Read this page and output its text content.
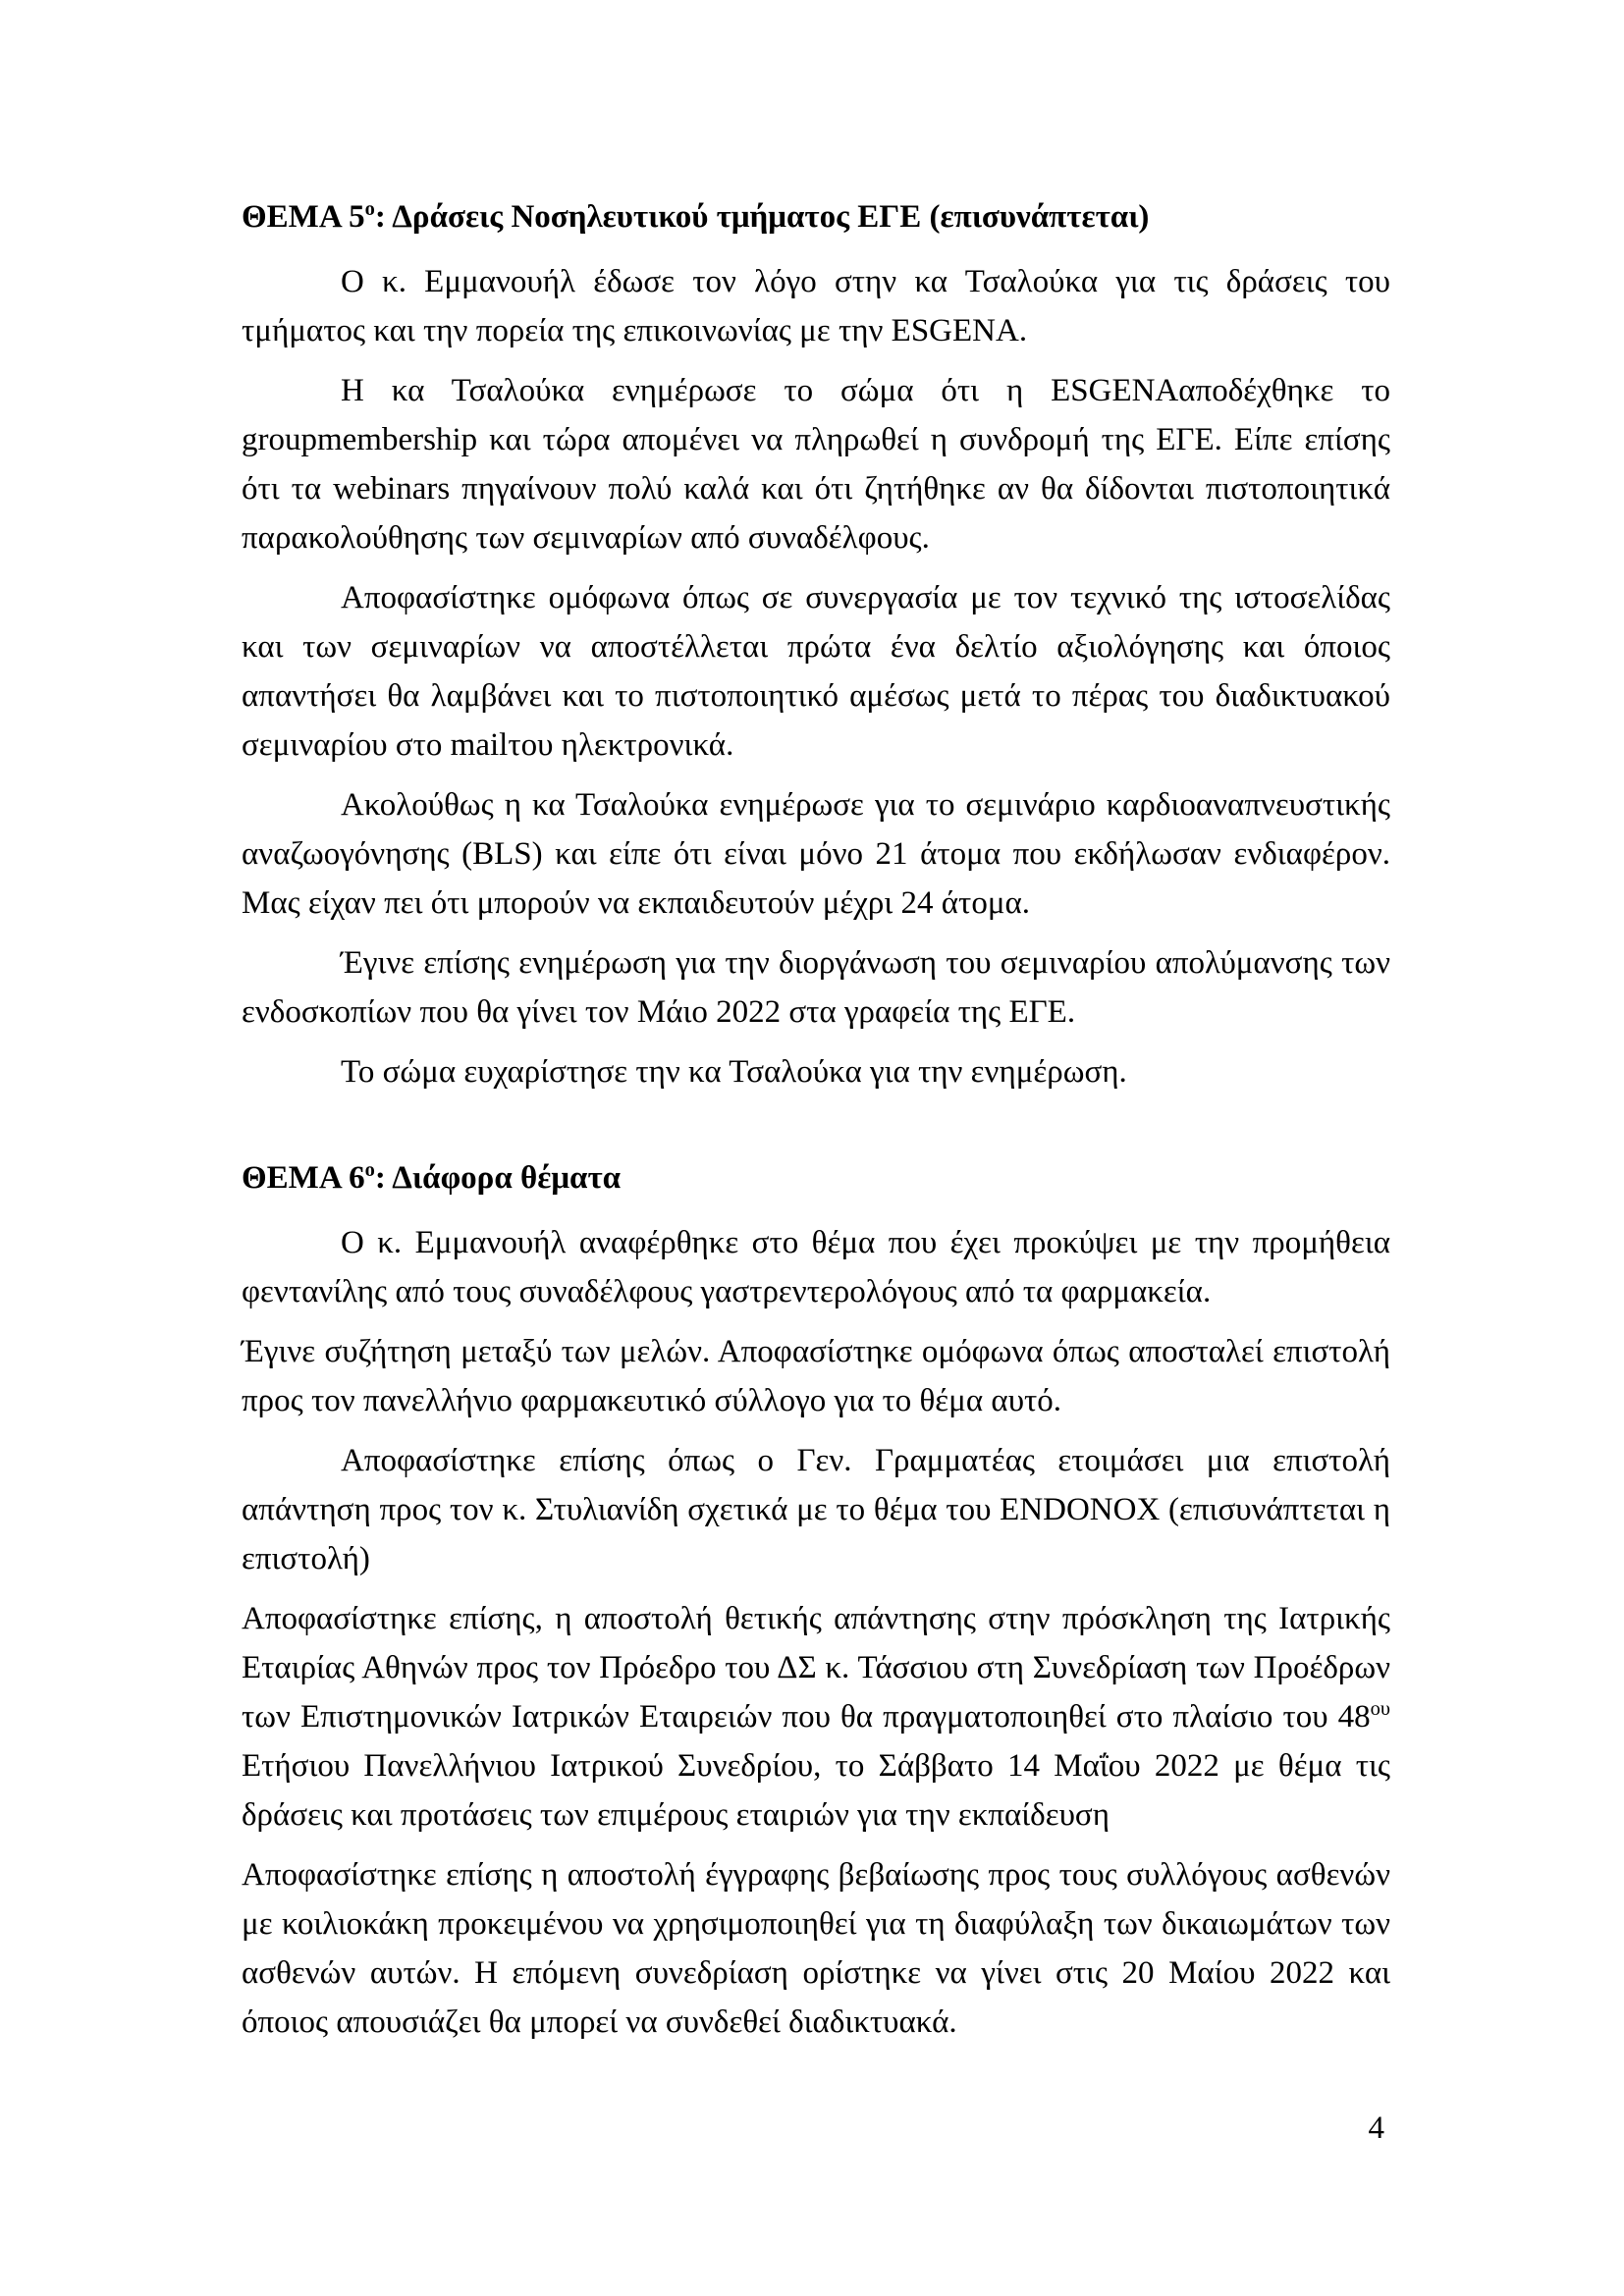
ΘΕΜΑ $5^o$: Δράσεις Νοσηλευτικού τμήματος ΕΓΕ (επισυνάπτεται)

Ο κ. Εμμανουήλ έδωσε τον λόγο στην κα Τσαλούκα για τις δράσεις του τμήματος και την πορεία της επικοινωνίας με την ESGENA.

Η κα Τσαλούκα ενημέρωσε το σώμα ότι η ESGENAαποδέχθηκε το groupmembership και τώρα απομένει να πληρωθεί η συνδρομή της ΕΓΕ. Είπε επίσης ότι τα webinars πηγαίνουν πολύ καλά και ότι ζητήθηκε αν θα δίδονται πιστοποιητικά παρακολούθησης των σεμιναρίων από συναδέλφους.

Αποφασίστηκε ομόφωνα όπως σε συνεργασία με τον τεχνικό της ιστοσελίδας και των σεμιναρίων να αποστέλλεται πρώτα ένα δελτίο αξιολόγησης και όποιος απαντήσει θα λαμβάνει και το πιστοποιητικό αμέσως μετά το πέρας του διαδικτυακού σεμιναρίου στο mailτου ηλεκτρονικά.

Ακολούθως η κα Τσαλούκα ενημέρωσε για το σεμινάριο καρδιοαναπνευστικής αναζωογόνησης (BLS) και είπε ότι είναι μόνο 21 άτομα που εκδήλωσαν ενδιαφέρον. Μας είχαν πει ότι μπορούν να εκπαιδευτούν μέχρι 24 άτομα.

Έγινε επίσης ενημέρωση για την διοργάνωση του σεμιναρίου απολύμανσης των ενδοσκοπίων που θα γίνει τον Μάιο 2022 στα γραφεία της ΕΓΕ.

Το σώμα ευχαρίστησε την κα Τσαλούκα για την ενημέρωση.

ΘΕΜΑ $6^o$: Διάφορα θέματα

Ο κ. Εμμανουήλ αναφέρθηκε στο θέμα που έχει προκύψει με την προμήθεια φεντανίλης από τους συναδέλφους γαστρεντερολόγους από τα φαρμακεία.

Έγινε συζήτηση μεταξύ των μελών. Αποφασίστηκε ομόφωνα όπως αποσταλεί επιστολή προς τον πανελλήνιο φαρμακευτικό σύλλογο για το θέμα αυτό.

Αποφασίστηκε επίσης όπως ο Γεν. Γραμματέας ετοιμάσει μια επιστολή απάντηση προς τον κ. Στυλιανίδη σχετικά με το θέμα του ENDONOX (επισυνάπτεται η επιστολή)

Αποφασίστηκε επίσης, η αποστολή θετικής απάντησης στην πρόσκληση της Ιατρικής Εταιρίας Αθηνών προς τον Πρόεδρο του ΔΣ κ. Τάσσιου στη Συνεδρίαση των Προέδρων των Επιστημονικών Ιατρικών Εταιρειών που θα πραγματοποιηθεί στο πλαίσιο του $48^{o\upsilon}$ Ετήσιου Πανελλήνιου Ιατρικού Συνεδρίου, το Σάββατο 14 Μαΐου 2022 με θέμα τις δράσεις και προτάσεις των επιμέρους εταιριών για την εκπαίδευση

Αποφασίστηκε επίσης η αποστολή έγγραφης βεβαίωσης προς τους συλλόγους ασθενών με κοιλιοκάκη προκειμένου να χρησιμοποιηθεί για τη διαφύλαξη των δικαιωμάτων των ασθενών αυτών. Η επόμενη συνεδρίαση ορίστηκε να γίνει στις 20 Μαίου 2022 και όποιος απουσιάζει θα μπορεί να συνδεθεί διαδικτυακά.

4
